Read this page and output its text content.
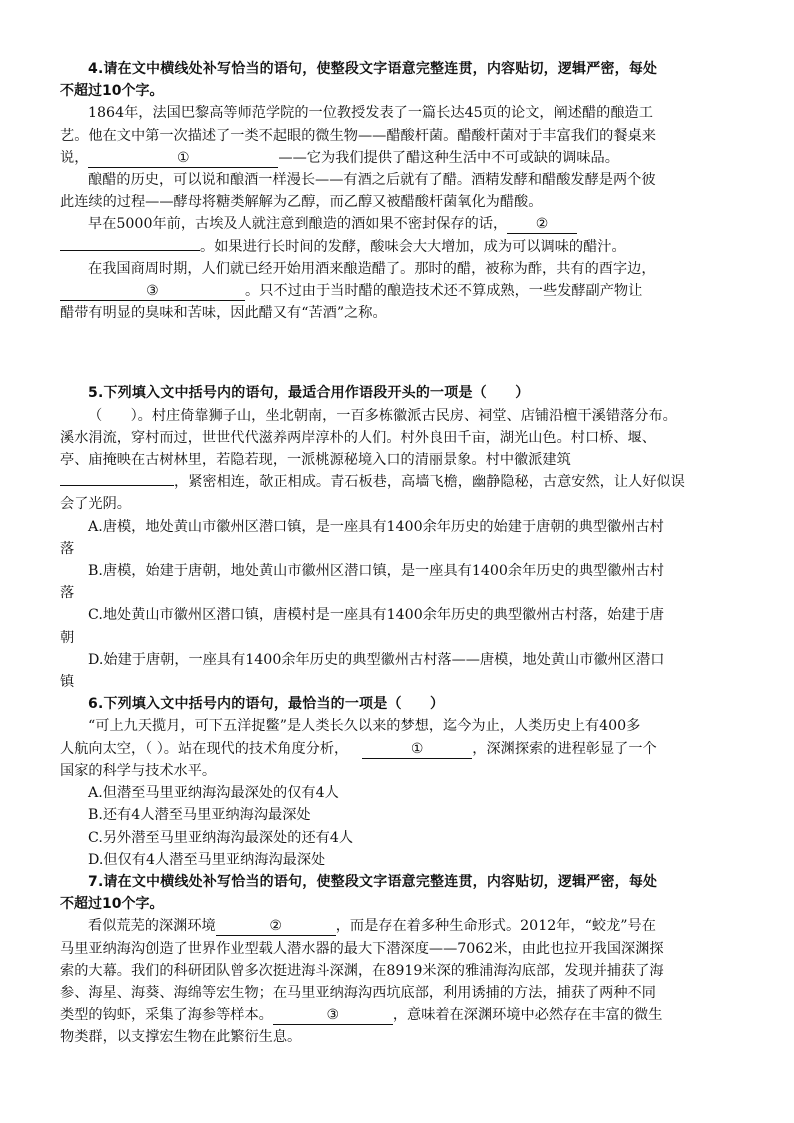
4.请在文中横线处补写恰当的语句，使整段文字语意完整连贯，内容贴切，逻辑严密，每处

不超过10个字。

1864年，法国巴黎高等师范学院的一位教授发表了一篇长达45页的论文，阐述醋的酿造工

艺。他在文中第一次描述了一类不起眼的微生物——醋酸杆菌。醋酸杆菌对于丰富我们的餐桌来

说，	①	——它为我们提供了醋这种生活中不可或缺的调味品。

酿醋的历史，可以说和酿酒一样漫长——有酒之后就有了醋。酒精发酵和醋酸发酵是两个彼

此连续的过程——酵母将糖类解解为乙醇，而乙醇又被醋酸杆菌氧化为醋酸。

早在5000年前，古埃及人就注意到酿造的酒如果不密封保存的话， ②

。如果进行长时间的发酵，酸味会大大增加，成为可以调味的醋汁。

在我国商周时期，人们就已经开始用酒来酿造醋了。那时的醋，被称为酢，共有的酉字边，

③	。只不过由于当时醋的酿造技术还不算成熟，一些发酵副产物让

醋带有明显的臭味和苦味，因此醋又有“苦酒”之称。

5.下列填入文中括号内的语句，最适合用作语段开头的一项是（　　）

（　　）。村庄倚靠狮子山，坐北朝南，一百多栋徽派古民房、祠堂、店铺沿檀干溪错落分布。

溪水涓流，穿村而过，世世代代滋养两岸淳朴的人们。村外良田千亩，湖光山色。村口桥、堰、

亭、庙掩映在古树林里，若隐若现，一派桃源秘境入口的清丽景象。村中徽派建筑

，紧密相连，欹正相成。青石板巷，高墙飞檐，幽静隐秘，古意安然，让人好似误

会了光阴。

A.唐模，地处黄山市徽州区潜口镇，是一座具有1400余年历史的始建于唐朝的典型徽州古村

落

B.唐模，始建于唐朝，地处黄山市徽州区潜口镇，是一座具有1400余年历史的典型徽州古村

落

C.地处黄山市徽州区潜口镇，唐模村是一座具有1400余年历史的典型徽州古村落，始建于唐

朝

D.始建于唐朝，一座具有1400余年历史的典型徽州古村落——唐模，地处黄山市徽州区潜口

镇

6.下列填入文中括号内的语句，最恰当的一项是（　　）

“可上九天揽月，可下五洋捉鳖”是人类长久以来的梦想，迄今为止，人类历史上有400多

人航向太空，（ ）。站在现代的技术角度分析，	①	，深渊探索的进程彰显了一个

国家的科学与技术水平。

A.但潜至马里亚纳海沟最深处的仅有4人

B.还有4人潜至马里亚纳海沟最深处

C.另外潜至马里亚纳海沟最深处的还有4人

D.但仅有4人潜至马里亚纳海沟最深处

7.请在文中横线处补写恰当的语句，使整段文字语意完整连贯，内容贴切，逻辑严密，每处

不超过10个字。

看似荒芜的深渊环境	②	，而是存在着多种生命形式。2012年，“蛟龙”号在

马里亚纳海沟创造了世界作业型载人潜水器的最大下潜深度——7062米，由此也拉开我国深渊探

索的大幕。我们的科研团队曾多次挺进海斗深渊，在8919米深的雅浦海沟底部，发现并捕获了海

参、海星、海葵、海绵等宏生物；在马里亚纳海沟西坑底部，利用诱捕的方法，捕获了两种不同

类型的钩虾，采集了海参等样本。	③	，意味着在深渊环境中必然存在丰富的微生

物类群，以支撑宏生物在此繁衍生息。
